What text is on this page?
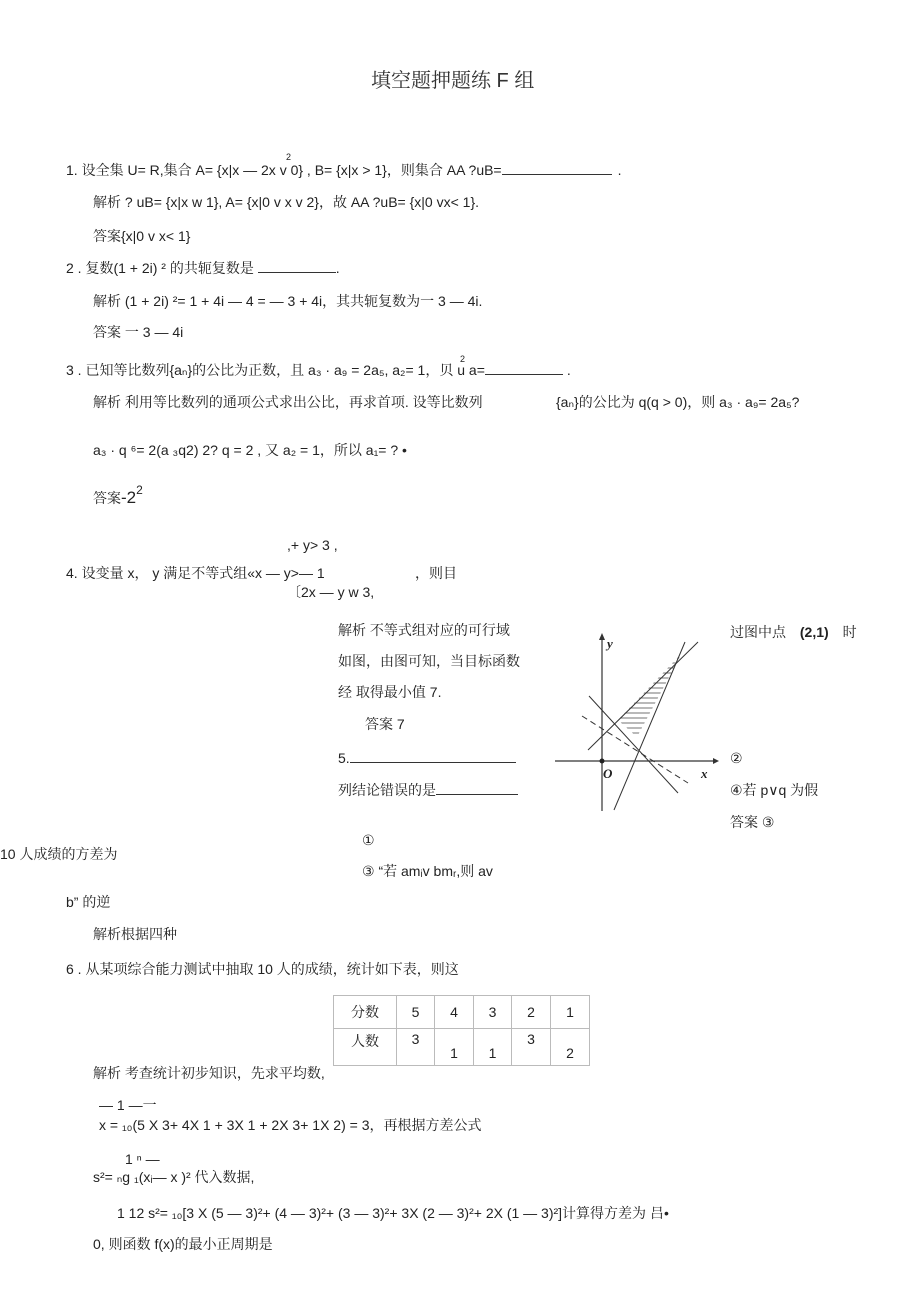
填空题押题练 F 组
2
1. 设全集 U= R,集合 A= {x|x — 2x v 0} , B= {x|x > 1}，则集合 AA ?uB=	.
解析 ? uB= {x|x w 1}, A= {x|0 v x v 2}，故 AA ?uB= {x|0 vx< 1}.
答案{x|0 v x< 1}
2 . 复数(1 + 2i) ² 的共轭复数是	.
解析 (1 + 2i) ²= 1 + 4i — 4 = — 3 + 4i，其共轭复数为一 3 — 4i.
答案 一 3 — 4i
2
3 . 已知等比数列{aₙ}的公比为正数，且 a₃ · a₉ = 2a₅, a₂= 1，贝 u a=	.
解析 利用等比数列的通项公式求出公比，再求首项. 设等比数列	{aₙ}的公比为 q(q > 0)，则 a₃ · a₉= 2a₅?
a₃ · q ⁶= 2(a ₃q2) 2? q = 2 , 又 a₂ = 1，所以 a₁= ? •
答案-22
,+ y> 3 ,
4. 设变量 x， y 满足不等式组«x — y>— 1	，则目
〔2x — y w 3,
解析 不等式组对应的可行域
如图，由图可知，当目标函数
经 取得最小值 7.
答案 7
过图中点 (2,1) 时
y
x
O
5.
列结论错误的是
②
④若 p∨q 为假
答案 ③
①
10 人成绩的方差为
③ “若 amᵢv bmᵣ,则 av
b” 的逆
解析根据四种
6 . 从某项综合能力测试中抽取 10 人的成绩，统计如下表，则这
分数	5	4	3	2	1
人数	3	1	1	3	2
解析 考查统计初步知识，先求平均数,
— 1 —一
x = ₁₀(5 X 3+ 4X 1 + 3X 1 + 2X 3+ 1X 2) = 3，再根据方差公式
1 ⁿ —
s²= ₙg ₁(xᵢ— x )² 代入数据,
1 12 s²= ₁₀[3 X (5 — 3)²+ (4 — 3)²+ (3 — 3)²+ 3X (2 — 3)²+ 2X (1 — 3)²]计算得方差为 吕•
0, 则函数 f(x)的最小正周期是
